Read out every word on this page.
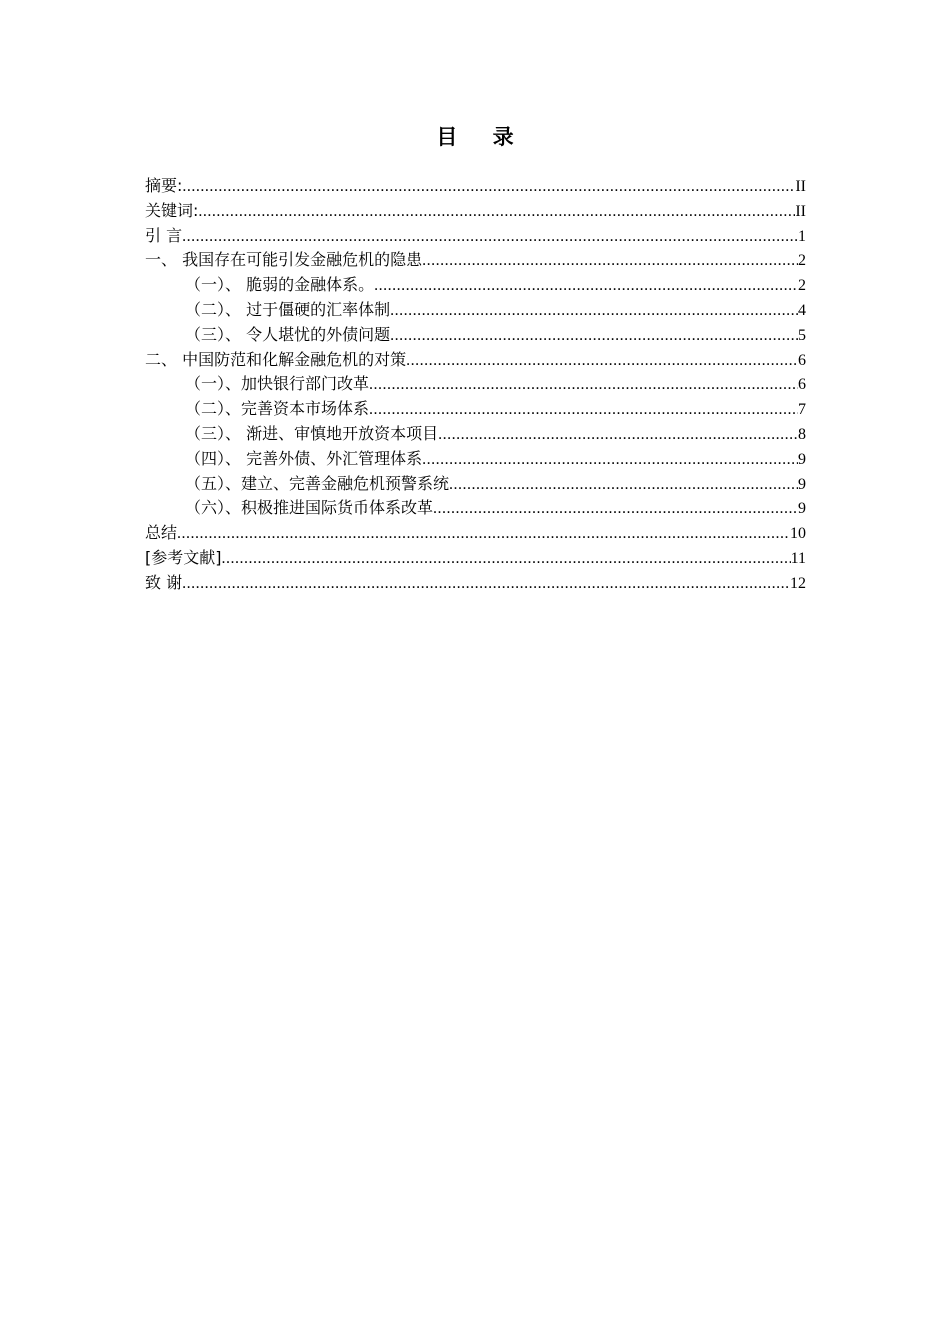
目 录
摘要: .....	II
关键词: .....	II
引 言 .....	1
一、 我国存在可能引发金融危机的隐患 .....	2
（一）、 脆弱的金融体系。 .....	2
（二）、 过于僵硬的汇率体制 .....	4
（三）、 令人堪忧的外债问题 .....	5
二、 中国防范和化解金融危机的对策 .....	6
（一）、加快银行部门改革 .....	6
（二）、完善资本市场体系 .....	7
（三）、 渐进、审慎地开放资本项目 .....	8
（四）、 完善外债、外汇管理体系 .....	9
（五）、建立、完善金融危机预警系统 .....	9
（六）、积极推进国际货币体系改革 .....	9
总结 .....	10
[参考文献] .....	11
致 谢 .....	12
